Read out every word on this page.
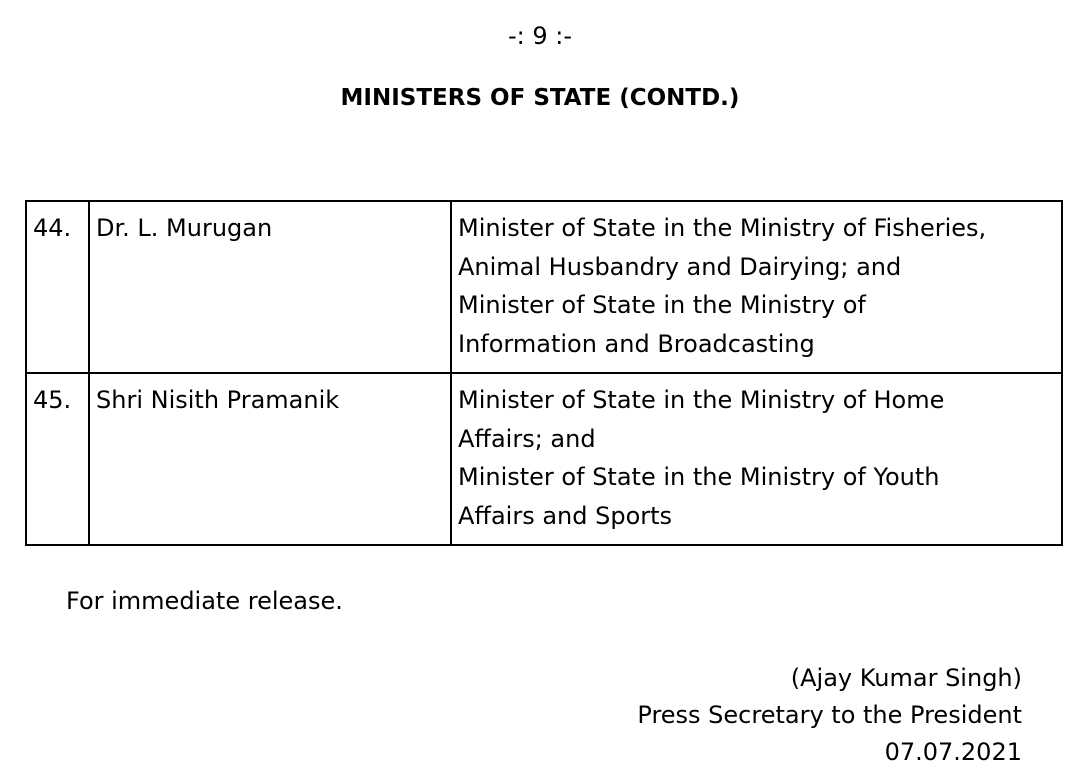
-: 9 :-
MINISTERS OF STATE (CONTD.)
44.	Dr. L. Murugan	Minister of State in the Ministry of Fisheries,
Animal Husbandry and Dairying; and
Minister of State in the Ministry of
Information and Broadcasting

45.	Shri Nisith Pramanik	Minister of State in the Ministry of Home
Affairs; and
Minister of State in the Ministry of Youth
Affairs and Sports
For immediate release.
(Ajay Kumar Singh)
Press Secretary to the President
07.07.2021
